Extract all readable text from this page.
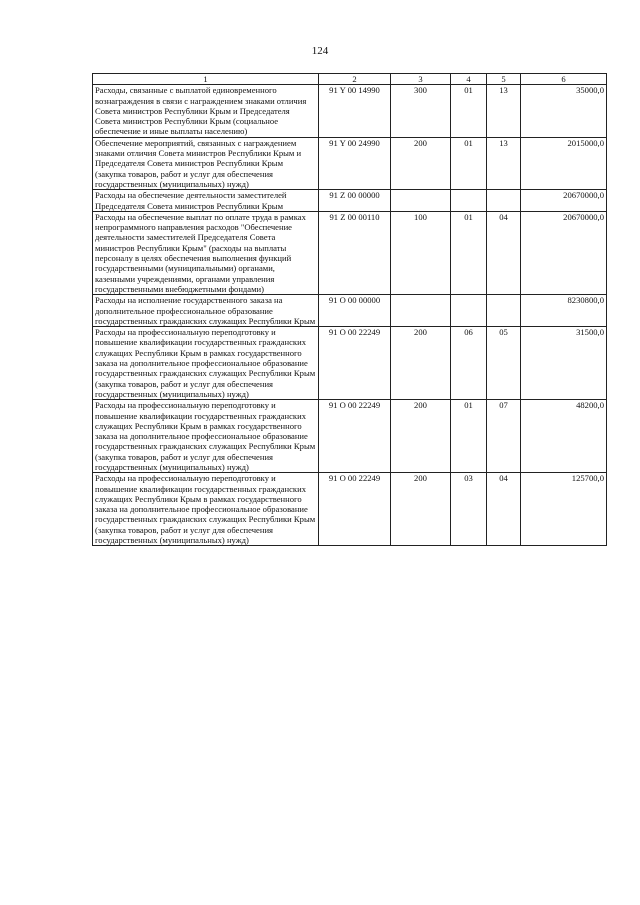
124
1	2	3	4	5	6
Расходы, связанные с выплатой единовременного вознаграждения в связи с награждением знаками отличия Совета министров Республики Крым и Председателя Совета министров Республики Крым (социальное обеспечение и иные выплаты населению)	91 Y 00 14990	300	01	13	35000,0
Обеспечение мероприятий, связанных с награждением знаками отличия Совета министров Республики Крым и Председателя Совета министров Республики Крым (закупка товаров, работ и услуг для обеспечения государственных (муниципальных) нужд)	91 Y 00 24990	200	01	13	2015000,0
Расходы на обеспечение деятельности заместителей Председателя Совета министров Республики Крым	91 Z 00 00000				20670000,0
Расходы на обеспечение выплат по оплате труда в рамках непрограммного направления расходов "Обеспечение деятельности заместителей Председателя Совета министров Республики Крым" (расходы на выплаты персоналу в целях обеспечения выполнения функций государственными (муниципальными) органами, казенными учреждениями, органами управления государственными внебюджетными фондами)	91 Z 00 00110	100	01	04	20670000,0
Расходы на исполнение государственного заказа на дополнительное профессиональное образование государственных гражданских служащих Республики Крым	91 O 00 00000				8230800,0
Расходы на профессиональную переподготовку и повышение квалификации государственных гражданских служащих Республики Крым в рамках государственного заказа на дополнительное профессиональное образование государственных гражданских служащих Республики Крым (закупка товаров, работ и услуг для обеспечения государственных (муниципальных) нужд)	91 O 00 22249	200	06	05	31500,0
Расходы на профессиональную переподготовку и повышение квалификации государственных гражданских служащих Республики Крым в рамках государственного заказа на дополнительное профессиональное образование государственных гражданских служащих Республики Крым (закупка товаров, работ и услуг для обеспечения государственных (муниципальных) нужд)	91 O 00 22249	200	01	07	48200,0
Расходы на профессиональную переподготовку и повышение квалификации государственных гражданских служащих Республики Крым в рамках государственного заказа на дополнительное профессиональное образование государственных гражданских служащих Республики Крым (закупка товаров, работ и услуг для обеспечения государственных (муниципальных) нужд)	91 O 00 22249	200	03	04	125700,0
